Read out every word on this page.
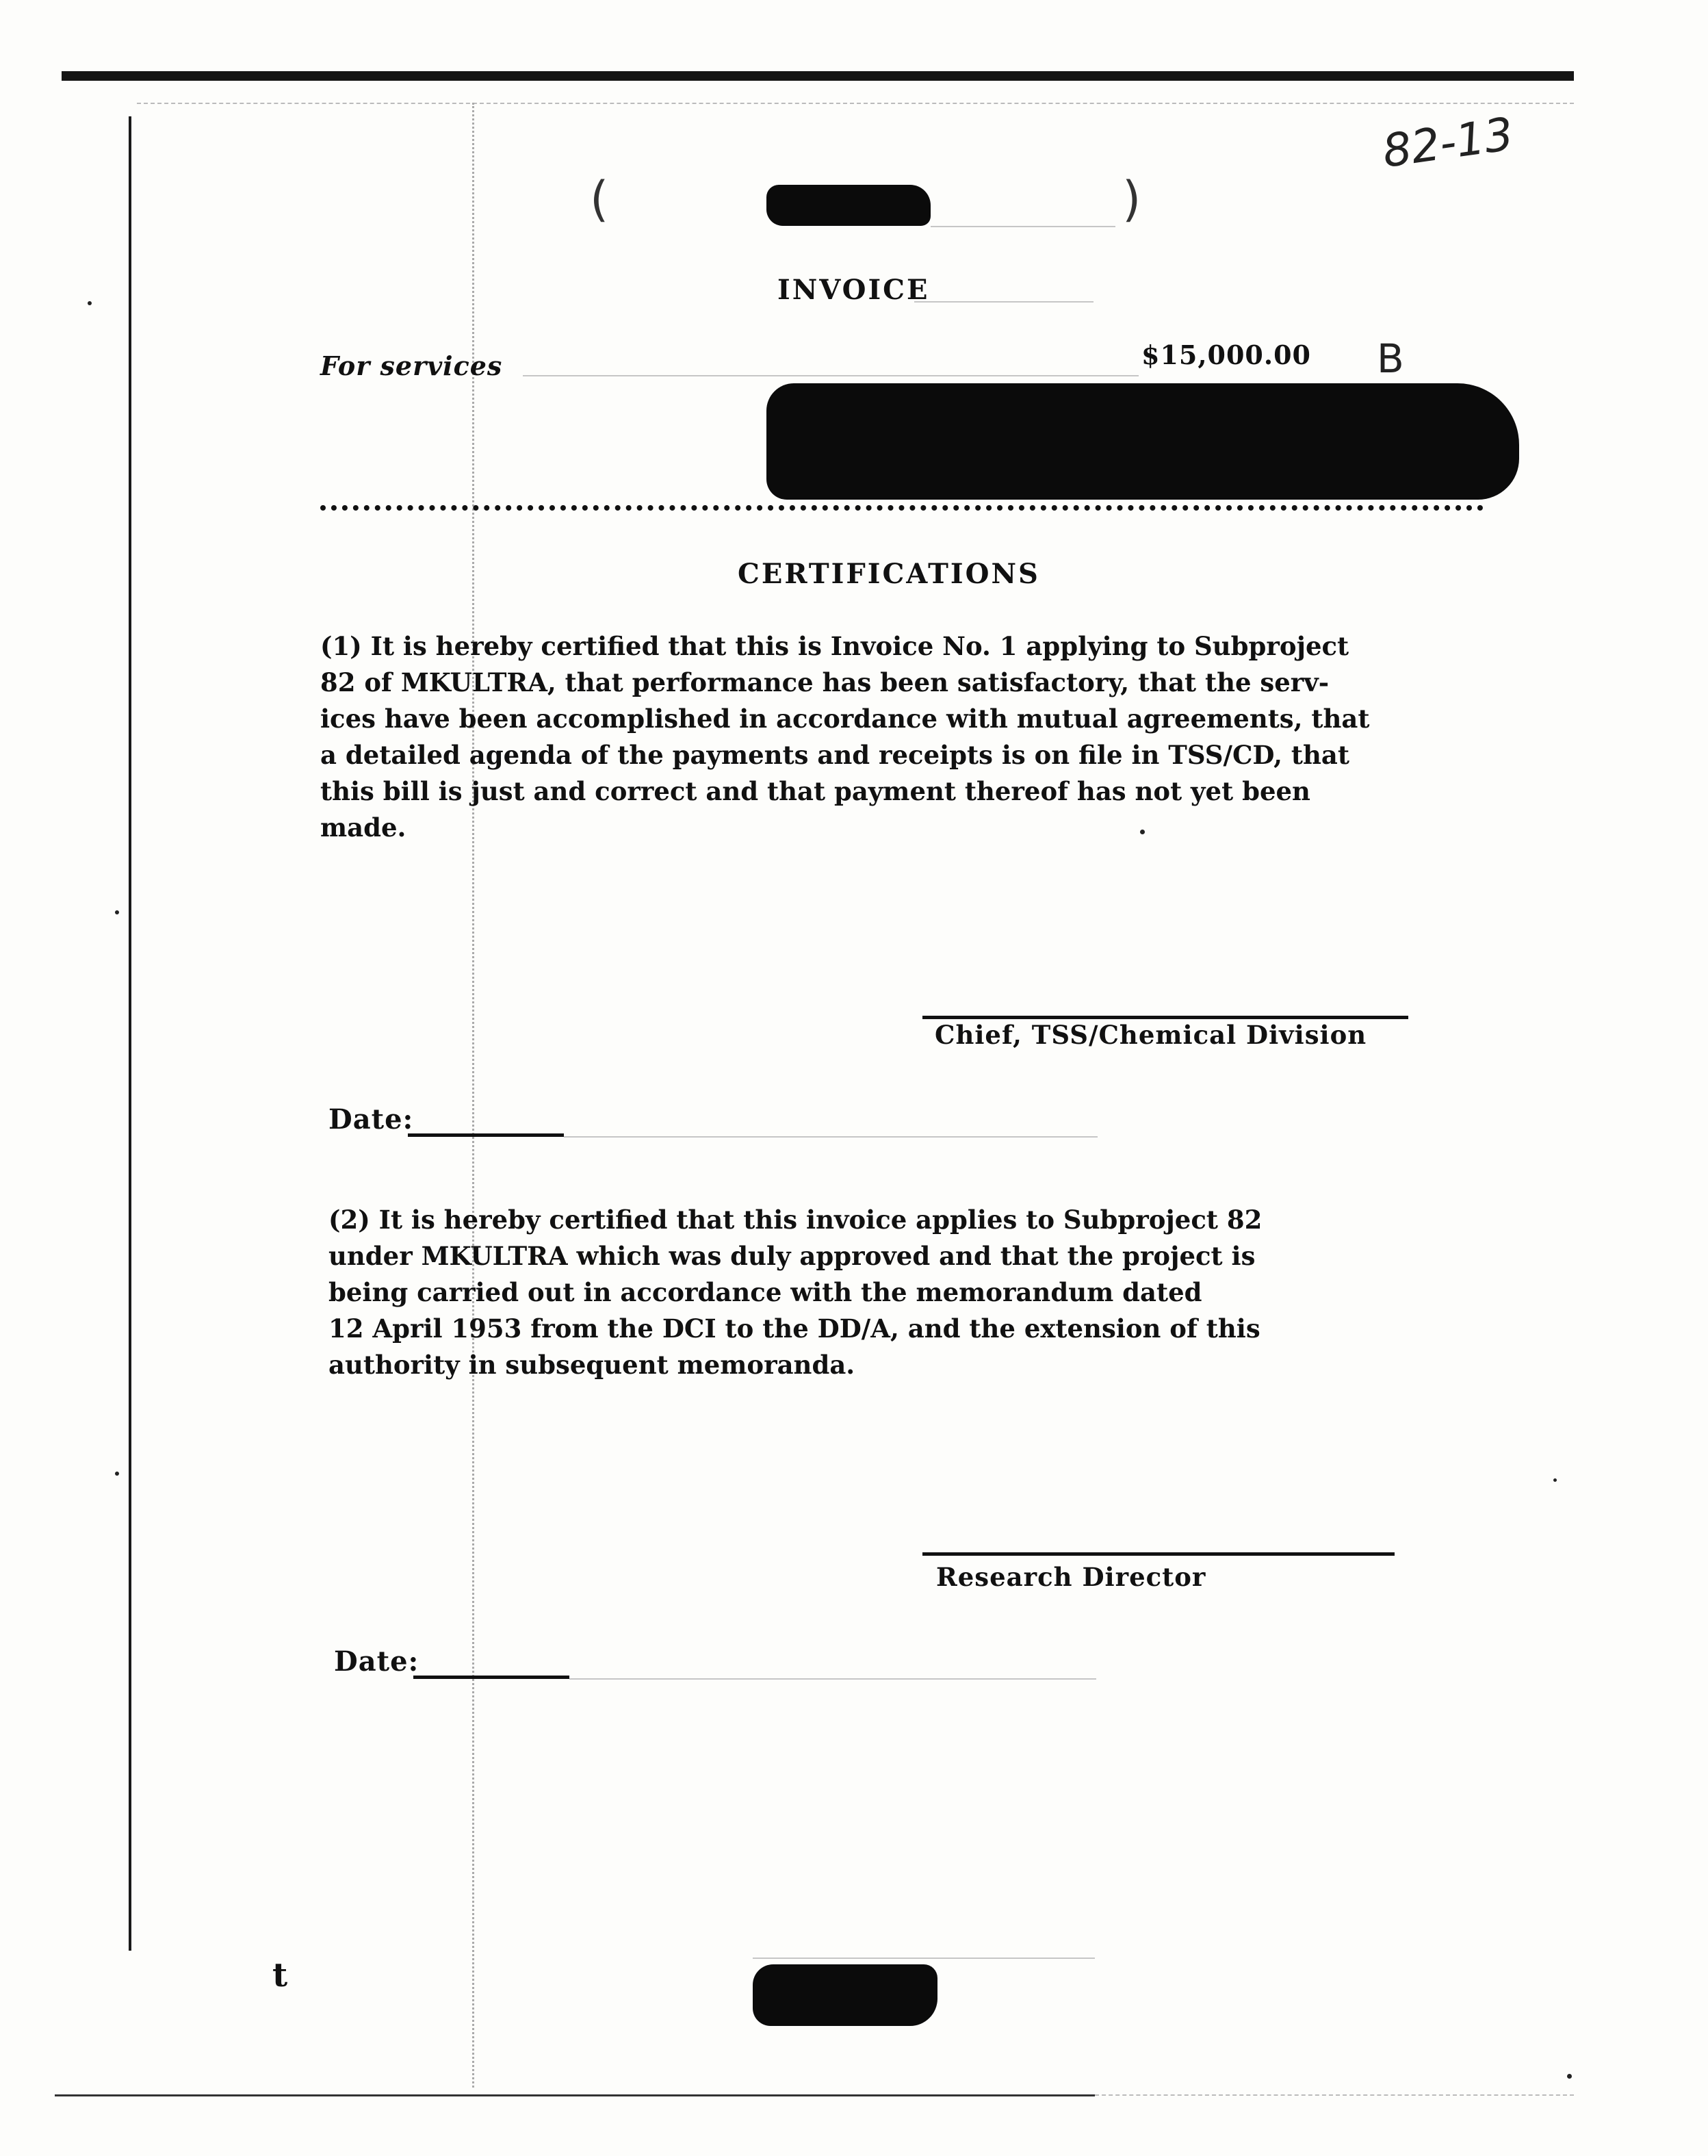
82-13
B
(	)
INVOICE
For services	$15,000.00
CERTIFICATIONS
(1) It is hereby certified that this is Invoice No. 1 applying to Subproject
82 of MKULTRA, that performance has been satisfactory, that the serv-
ices have been accomplished in accordance with mutual agreements, that
a detailed agenda of the payments and receipts is on file in TSS/CD, that
this bill is just and correct and that payment thereof has not yet been
made.
Chief, TSS/Chemical Division
Date:
(2) It is hereby certified that this invoice applies to Subproject 82
under MKULTRA which was duly approved and that the project is
being carried out in accordance with the memorandum dated
12 April 1953 from the DCI to the DD/A, and the extension of this
authority in subsequent memoranda.
Research Director
Date:
t
